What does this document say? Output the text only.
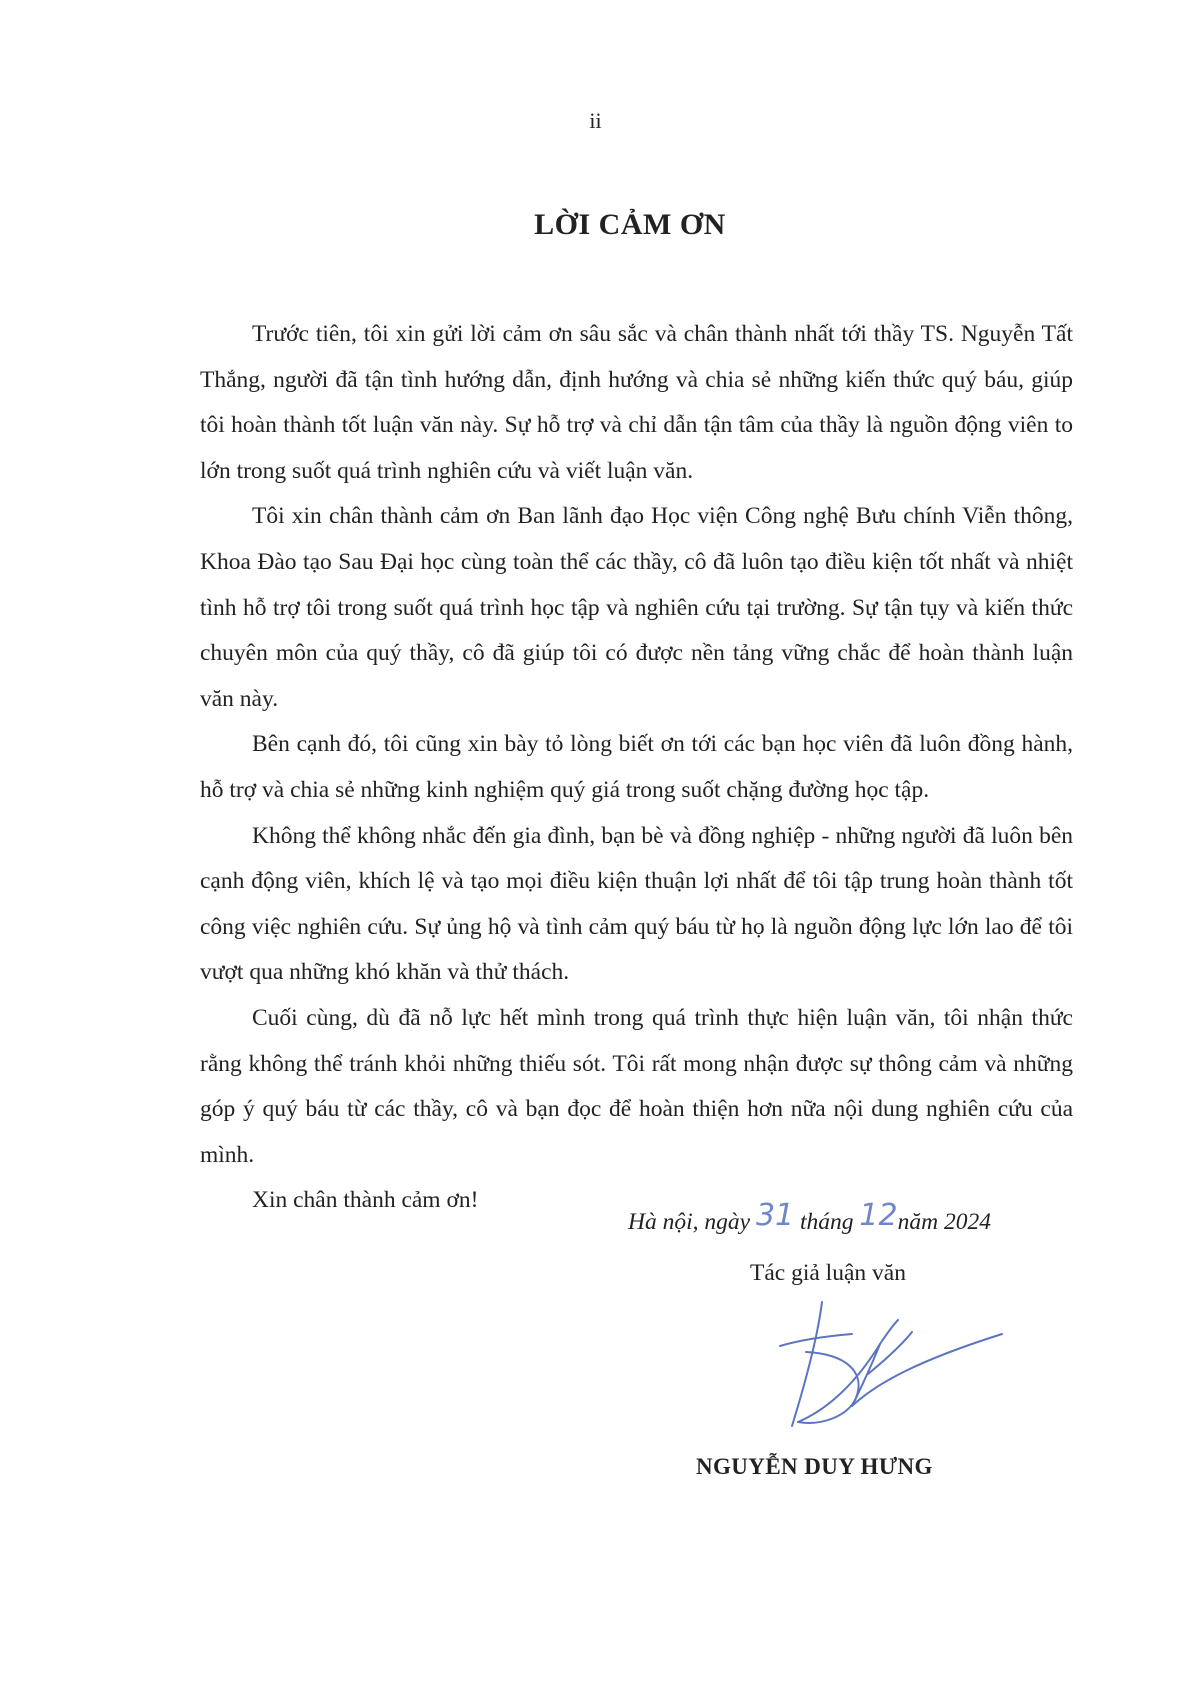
ii
LỜI CẢM ƠN

Trước tiên, tôi xin gửi lời cảm ơn sâu sắc và chân thành nhất tới thầy TS. Nguyễn Tất Thắng, người đã tận tình hướng dẫn, định hướng và chia sẻ những kiến thức quý báu, giúp tôi hoàn thành tốt luận văn này. Sự hỗ trợ và chỉ dẫn tận tâm của thầy là nguồn động viên to lớn trong suốt quá trình nghiên cứu và viết luận văn.

Tôi xin chân thành cảm ơn Ban lãnh đạo Học viện Công nghệ Bưu chính Viễn thông, Khoa Đào tạo Sau Đại học cùng toàn thể các thầy, cô đã luôn tạo điều kiện tốt nhất và nhiệt tình hỗ trợ tôi trong suốt quá trình học tập và nghiên cứu tại trường. Sự tận tụy và kiến thức chuyên môn của quý thầy, cô đã giúp tôi có được nền tảng vững chắc để hoàn thành luận văn này.

Bên cạnh đó, tôi cũng xin bày tỏ lòng biết ơn tới các bạn học viên đã luôn đồng hành, hỗ trợ và chia sẻ những kinh nghiệm quý giá trong suốt chặng đường học tập.

Không thể không nhắc đến gia đình, bạn bè và đồng nghiệp - những người đã luôn bên cạnh động viên, khích lệ và tạo mọi điều kiện thuận lợi nhất để tôi tập trung hoàn thành tốt công việc nghiên cứu. Sự ủng hộ và tình cảm quý báu từ họ là nguồn động lực lớn lao để tôi vượt qua những khó khăn và thử thách.

Cuối cùng, dù đã nỗ lực hết mình trong quá trình thực hiện luận văn, tôi nhận thức rằng không thể tránh khỏi những thiếu sót. Tôi rất mong nhận được sự thông cảm và những góp ý quý báu từ các thầy, cô và bạn đọc để hoàn thiện hơn nữa nội dung nghiên cứu của mình.

Xin chân thành cảm ơn!

Hà nội, ngày 31 tháng 12năm 2024
Tác giả luận văn
NGUYỄN DUY HƯNG
